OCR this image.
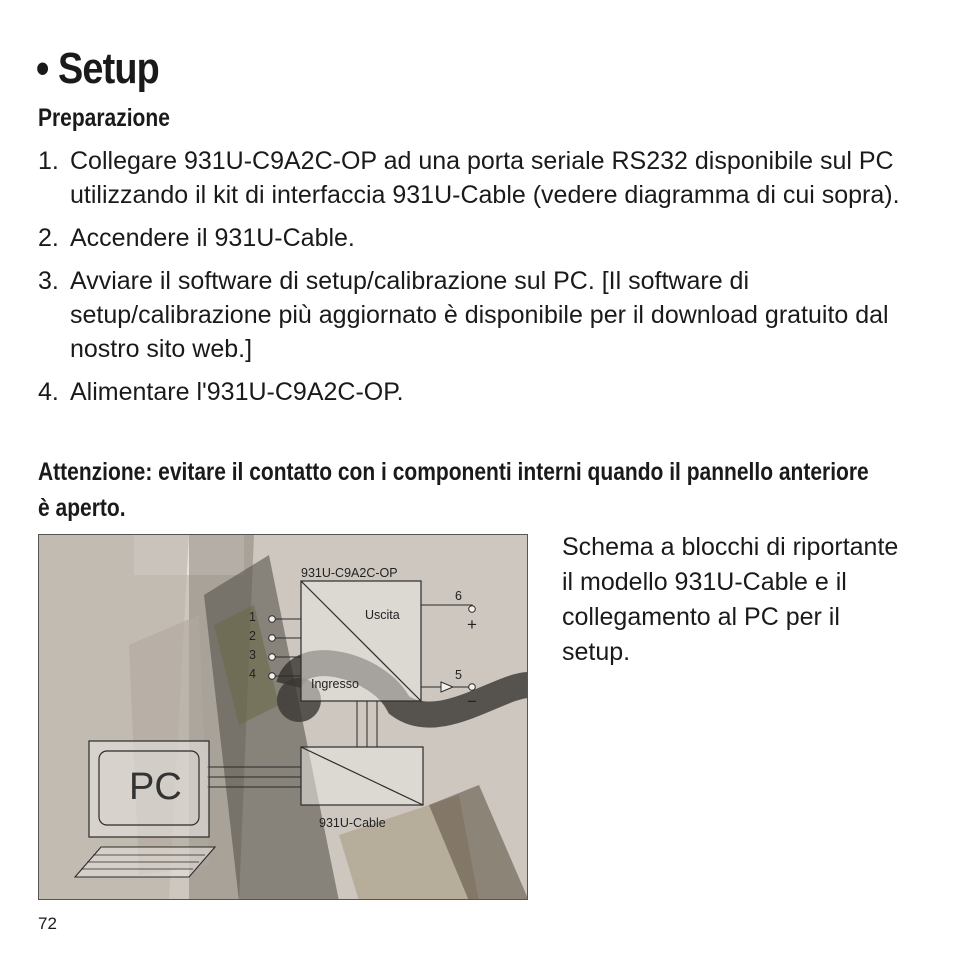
• Setup
Preparazione
1. Collegare 931U-C9A2C-OP ad una porta seriale RS232 disponibile sul PC utilizzando il kit di interfaccia 931U-Cable (vedere diagramma di cui sopra).
2. Accendere il 931U-Cable.
3. Avviare il software di setup/calibrazione sul PC. [Il software di setup/calibrazione più aggiornato è disponibile per il download gratuito dal nostro sito web.]
4. Alimentare l'931U-C9A2C-OP.

Attenzione: evitare il contatto con i componenti interni quando il pannello anteriore è aperto.

931U-C9A2C-OP
Uscita
Ingresso
1
2
3
4
6
5
+
−
931U-Cable
PC

Schema a blocchi di riportante il modello 931U-Cable e il collegamento al PC per il setup.

72
